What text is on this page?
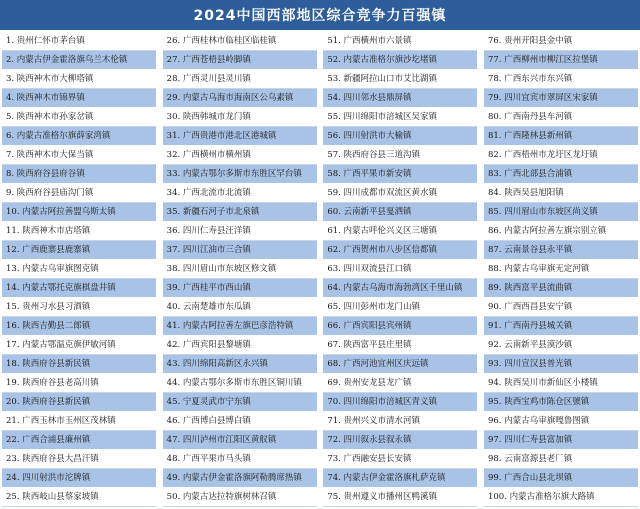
2024中国西部地区综合竞争力百强镇
1. 贵州仁怀市茅台镇
2. 内蒙古伊金霍洛旗乌兰木伦镇
3. 陕西神木市大柳塔镇
4. 陕西神木市锦界镇
5. 陕西神木市孙家岔镇
6. 内蒙古准格尔旗薛家湾镇
7. 陕西神木市大保当镇
8. 陕西府谷县府谷镇
9. 陕西府谷县庙沟门镇
10. 内蒙古阿拉善盟乌斯太镇
11. 陕西神木市店塔镇
12. 广西鹿寨县鹿寨镇
13. 内蒙古乌审旗图克镇
14. 内蒙古鄂托克旗棋盘井镇
15. 贵州习水县习酒镇
16. 陕西吉勤县二郎镇
17. 内蒙古鄂温克旗伊敏河镇
18. 陕西府谷县新民镇
19. 陕西府谷县老高川镇
20. 陕西府谷县新民镇
21. 广西玉林市玉州区茂林镇
22. 广西合浦县廉州镇
23. 陕西府谷县大昌汗镇
24. 四川射洪市沱牌镇
25. 陕西岐山县蔡家坡镇
26. 广西桂林市临桂区临桂镇
27. 广西苍梧县岭脚镇
28. 广西灵川县灵川镇
29. 内蒙古乌海市海南区公乌素镇
30. 陕西韩城市龙门镇
31. 广西贵港市港北区港城镇
32. 广西横州市横州镇
33. 内蒙古鄂尔多斯市东胜区罕台镇
34. 广西北流市北流镇
35. 新疆石河子市北泉镇
36. 四川仁寿县汪洋镇
37. 四川江油市三合镇
38. 四川眉山市东坡区修文镇
39. 广西桂平市西山镇
40. 云南楚雄市东瓜镇
41. 内蒙古阿拉善左旗巴彦浩特镇
42. 广西宾阳县黎塘镇
43. 四川绵阳高新区永兴镇
44. 内蒙古鄂尔多斯市东胜区铜川镇
45. 宁夏灵武市宁东镇
46. 广西博白县博白镇
47. 四川泸州市江阳区黄舣镇
48. 广西平果市马头镇
49. 内蒙古伊金霍洛旗阿勒腾席热镇
50. 内蒙古达拉特旗树林召镇
51. 广西横州市六景镇
52. 内蒙古准格尔旗沙圪堵镇
53. 新疆阿拉山口市艾比湖镇
54. 四川邻水县鼎屏镇
55. 四川绵阳市涪城区吴家镇
56. 四川射洪市大榆镇
57. 陕西府谷县三道沟镇
58. 广西平果市新安镇
59. 四川成都市双流区黄水镇
60. 云南新平县戛洒镇
61. 内蒙古呼伦兴义区三塘镇
62. 广西贺州市八步区信都镇
63. 四川双流县江口镇
64. 内蒙古乌海市海勃湾区千里山镇
65. 四川彭州市龙门山镇
66. 广西宾阳县宾州镇
67. 陕西富平县庄里镇
68. 广西河池宜州区庆远镇
69. 贵州安龙县龙广镇
70. 四川绵阳市涪城区青义镇
71. 贵州兴义市清水河镇
72. 四川叙永县叙永镇
73. 广西融安县长安镇
74. 内蒙古伊金霍洛旗札萨克镇
75. 贵州遵义市播州区鸭溪镇
76. 贵州开阳县金中镇
77. 广西柳州市柳江区拉堡镇
78. 广西东兴市东兴镇
79. 四川宜宾市翠屏区宋家镇
80. 广西南丹县车河镇
81. 广西隆林县新州镇
82. 广西梧州市龙圩区龙圩镇
83. 广西北部县合浦镇
84. 陕西吴县旭阳镇
85. 四川眉山市东坡区尚义镇
86. 内蒙古阿拉善左旗宗别立镇
87. 云南景谷县永平镇
88. 内蒙古乌审旗无定河镇
89. 陕西富平县流曲镇
90. 广西西昌县安宁镇
91. 广西南丹县城关镇
92. 云南新平县漠沙镇
93. 四川宣汉县普光镇
94. 陕西吴川市新仙区小楼镇
95. 陕西宝鸡市陈仓区號镇
96. 内蒙古乌审旗嘎鲁图镇
97. 四川仁寿县富加镇
98. 云南富源县老厂镇
99. 广西合山县北坝镇
100. 内蒙古准格尔旗大路镇
